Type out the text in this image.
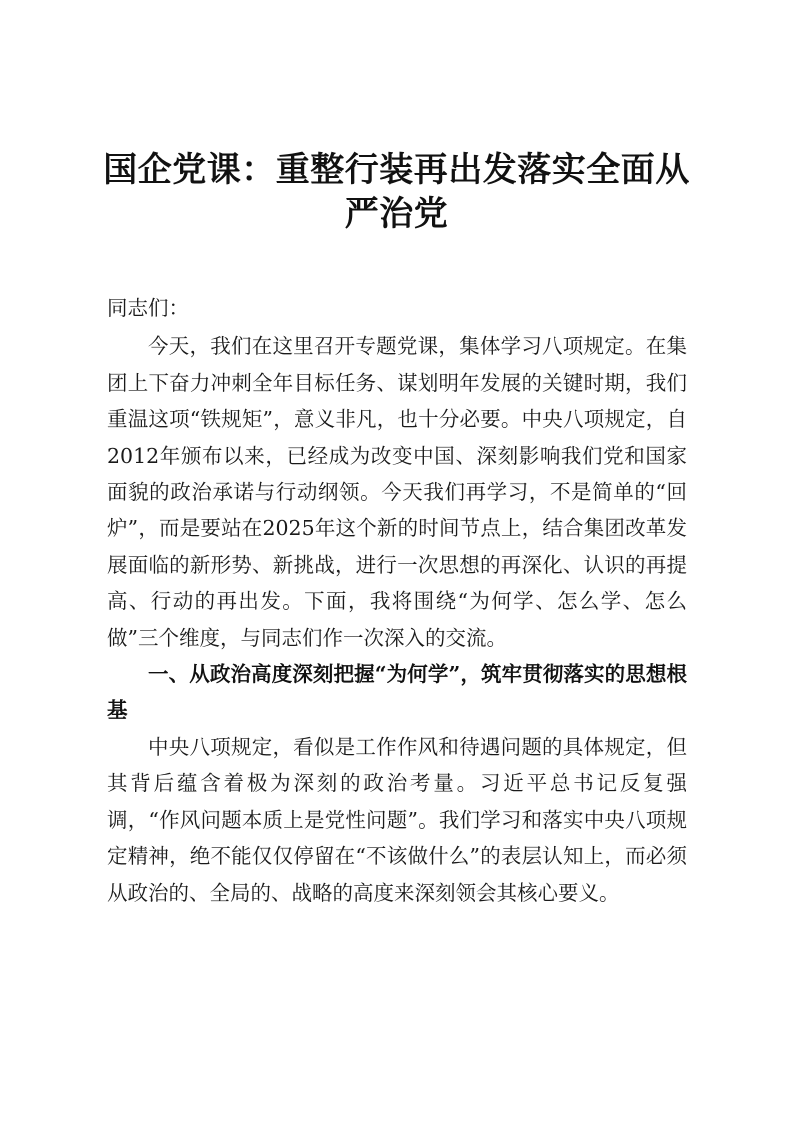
国企党课：重整行装再出发落实全面从严治党

同志们：

今天，我们在这里召开专题党课，集体学习八项规定。在集团上下奋力冲刺全年目标任务、谋划明年发展的关键时期，我们重温这项“铁规矩”，意义非凡，也十分必要。中央八项规定，自2012年颁布以来，已经成为改变中国、深刻影响我们党和国家面貌的政治承诺与行动纲领。今天我们再学习，不是简单的“回炉”，而是要站在2025年这个新的时间节点上，结合集团改革发展面临的新形势、新挑战，进行一次思想的再深化、认识的再提高、行动的再出发。下面，我将围绕“为何学、怎么学、怎么做”三个维度，与同志们作一次深入的交流。

一、从政治高度深刻把握“为何学”，筑牢贯彻落实的思想根基

中央八项规定，看似是工作作风和待遇问题的具体规定，但其背后蕴含着极为深刻的政治考量。习近平总书记反复强调，“作风问题本质上是党性问题”。我们学习和落实中央八项规定精神，绝不能仅仅停留在“不该做什么”的表层认知上，而必须从政治的、全局的、战略的高度来深刻领会其核心要义。
